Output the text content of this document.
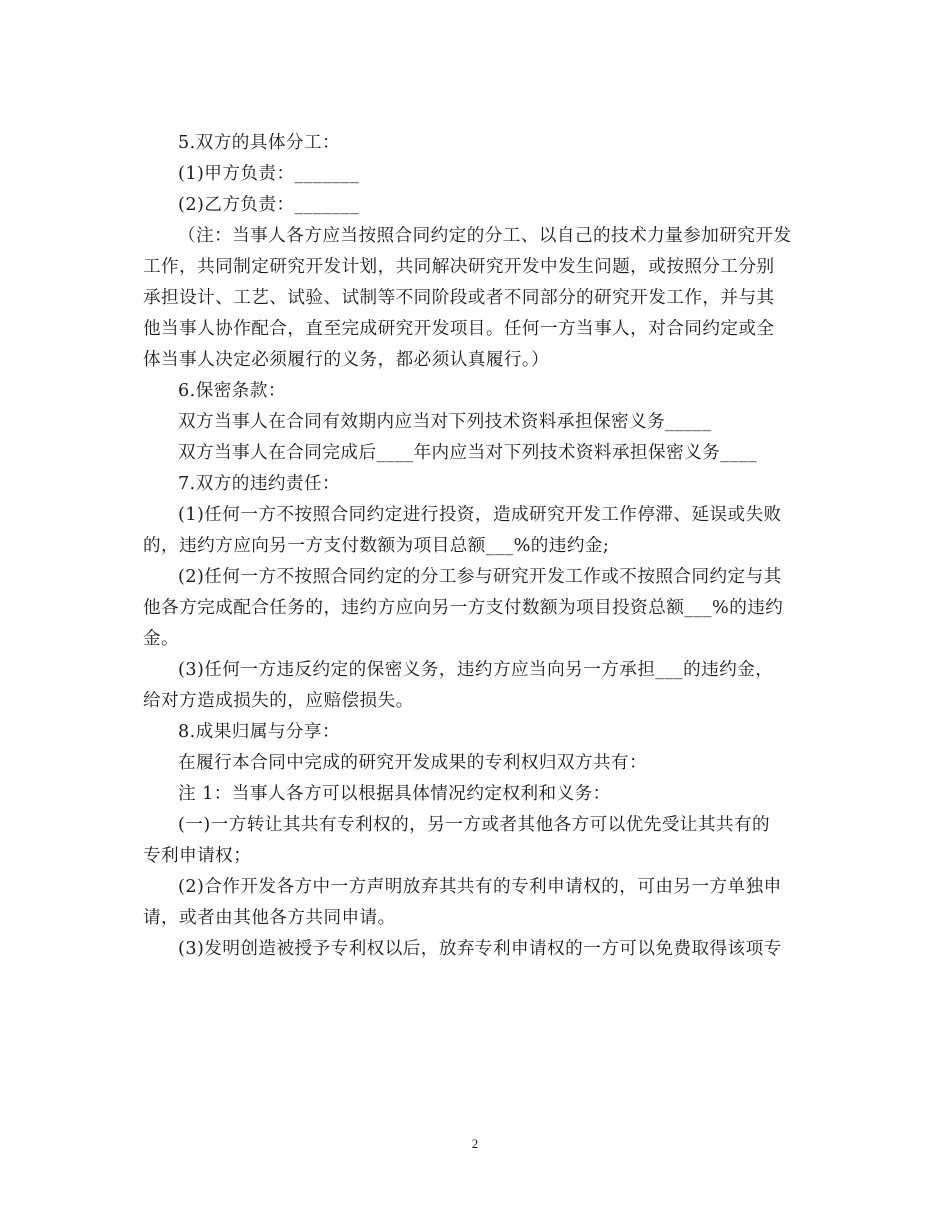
5.双方的具体分工：
(1)甲方负责：_______
(2)乙方负责：_______
（注：当事人各方应当按照合同约定的分工、以自己的技术力量参加研究开发
工作，共同制定研究开发计划，共同解决研究开发中发生问题，或按照分工分别
承担设计、工艺、试验、试制等不同阶段或者不同部分的研究开发工作，并与其
他当事人协作配合，直至完成研究开发项目。任何一方当事人，对合同约定或全
体当事人决定必须履行的义务，都必须认真履行。）
6.保密条款：
双方当事人在合同有效期内应当对下列技术资料承担保密义务_____
双方当事人在合同完成后____年内应当对下列技术资料承担保密义务____
7.双方的违约责任：
(1)任何一方不按照合同约定进行投资，造成研究开发工作停滞、延误或失败
的，违约方应向另一方支付数额为项目总额___%的违约金;
(2)任何一方不按照合同约定的分工参与研究开发工作或不按照合同约定与其
他各方完成配合任务的，违约方应向另一方支付数额为项目投资总额___%的违约
金。
(3)任何一方违反约定的保密义务，违约方应当向另一方承担___的违约金，
给对方造成损失的，应赔偿损失。
8.成果归属与分享：
在履行本合同中完成的研究开发成果的专利权归双方共有：
注 1：当事人各方可以根据具体情况约定权利和义务：
(一)一方转让其共有专利权的，另一方或者其他各方可以优先受让其共有的
专利申请权；
(2)合作开发各方中一方声明放弃其共有的专利申请权的，可由另一方单独申
请，或者由其他各方共同申请。
(3)发明创造被授予专利权以后，放弃专利申请权的一方可以免费取得该项专
2
